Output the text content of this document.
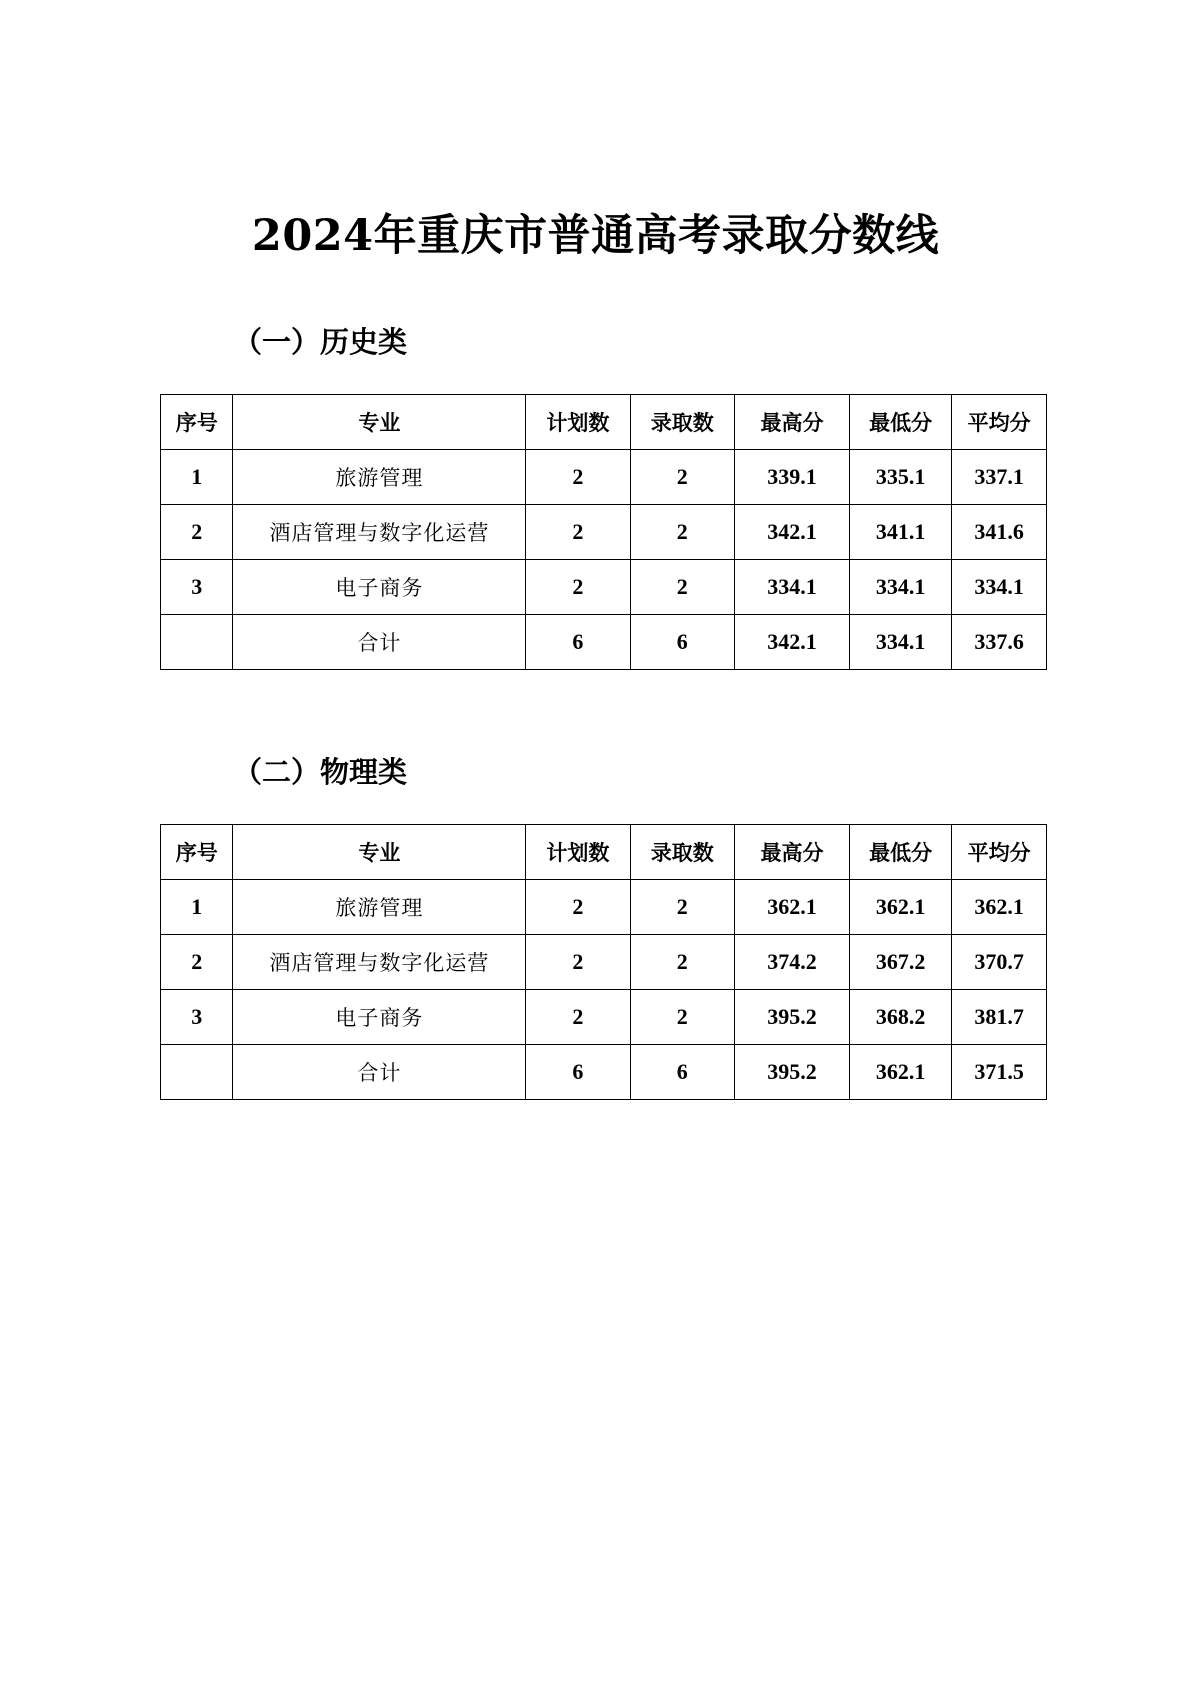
2024年重庆市普通高考录取分数线
（一）历史类
序号	专业	计划数	录取数	最高分	最低分	平均分
1	旅游管理	2	2	339.1	335.1	337.1
2	酒店管理与数字化运营	2	2	342.1	341.1	341.6
3	电子商务	2	2	334.1	334.1	334.1
	合计	6	6	342.1	334.1	337.6
（二）物理类
序号	专业	计划数	录取数	最高分	最低分	平均分
1	旅游管理	2	2	362.1	362.1	362.1
2	酒店管理与数字化运营	2	2	374.2	367.2	370.7
3	电子商务	2	2	395.2	368.2	381.7
	合计	6	6	395.2	362.1	371.5
